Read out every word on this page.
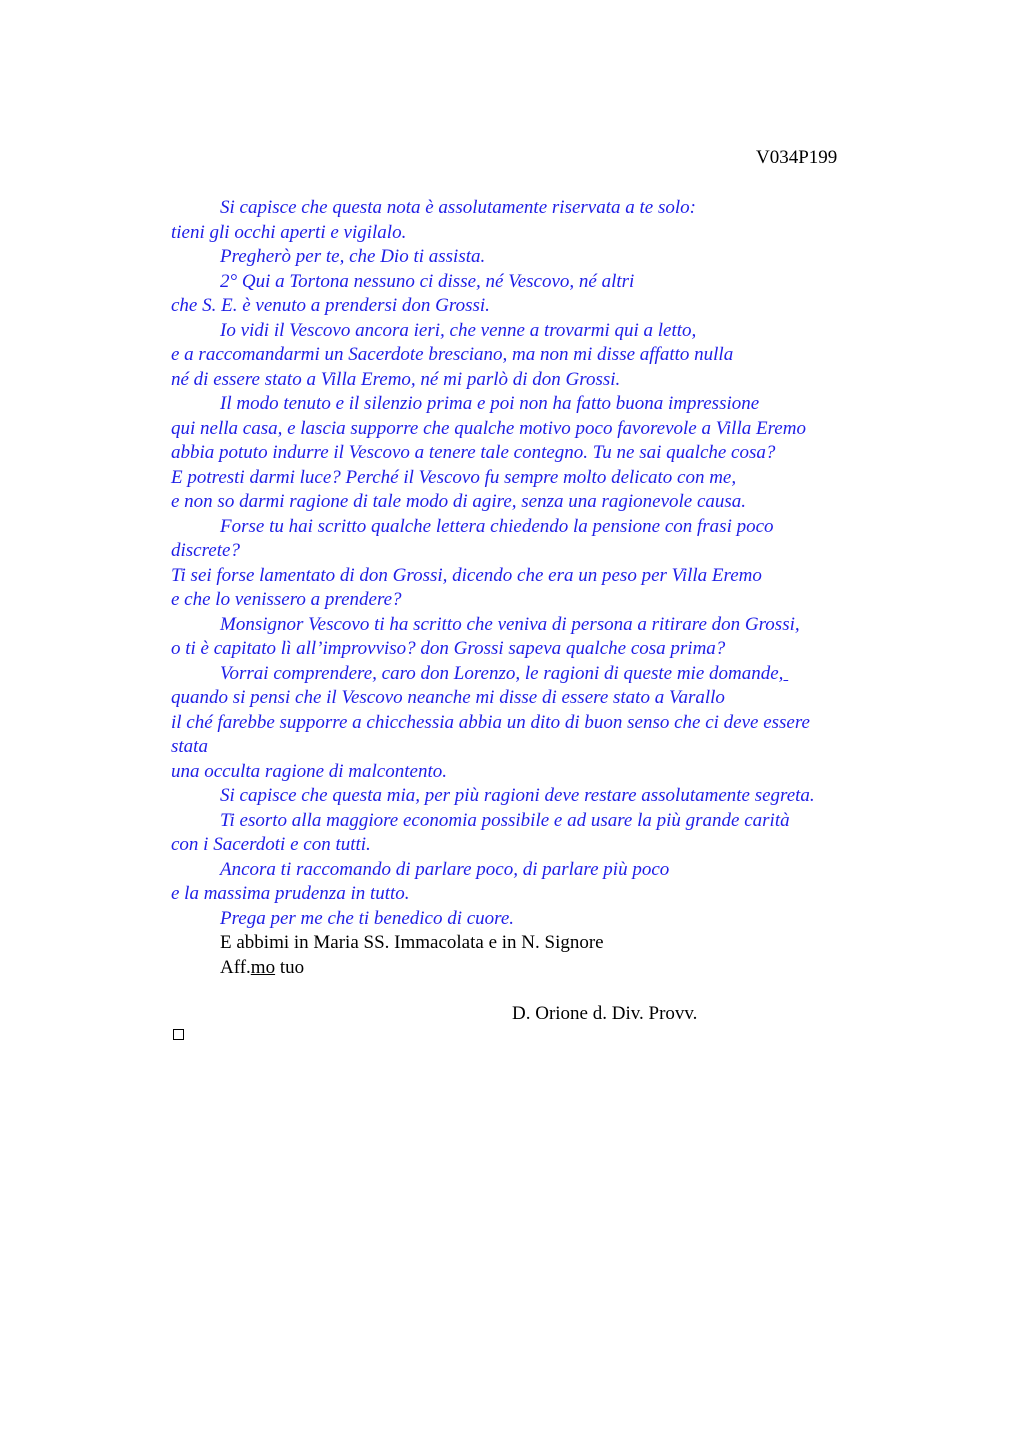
V034P199
Si capisce che questa nota è assolutamente riservata a te solo:
tieni gli occhi aperti e vigilalo.
Pregherò per te, che Dio ti assista.
2° Qui a Tortona nessuno ci disse, né Vescovo, né altri
che S. E. è venuto a prendersi don Grossi.
Io vidi il Vescovo ancora ieri, che venne a trovarmi qui a letto,
e a raccomandarmi un Sacerdote bresciano, ma non mi disse affatto nulla
né di essere stato a Villa Eremo, né mi parlò di don Grossi.
Il modo tenuto e il silenzio prima e poi non ha fatto buona impressione
qui nella casa, e lascia supporre che qualche motivo poco favorevole a Villa Eremo
abbia potuto indurre il Vescovo a tenere tale contegno. Tu ne sai qualche cosa?
E potresti darmi luce? Perché il Vescovo fu sempre molto delicato con me,
e non so darmi ragione di tale modo di agire, senza una ragionevole causa.
Forse tu hai scritto qualche lettera chiedendo la pensione con frasi poco
discrete?
Ti sei forse lamentato di don Grossi, dicendo che era un peso per Villa Eremo
e che lo venissero a prendere?
Monsignor Vescovo ti ha scritto che veniva di persona a ritirare don Grossi,
o ti è capitato lì all’improvviso? don Grossi sapeva qualche cosa prima?
Vorrai comprendere, caro don Lorenzo, le ragioni di queste mie domande,
quando si pensi che il Vescovo neanche mi disse di essere stato a Varallo
il ché farebbe supporre a chicchessia abbia un dito di buon senso che ci deve essere
stata
una occulta ragione di malcontento.
Si capisce che questa mia, per più ragioni deve restare assolutamente segreta.
Ti esorto alla maggiore economia possibile e ad usare la più grande carità
con i Sacerdoti e con tutti.
Ancora ti raccomando di parlare poco, di parlare più poco
e la massima prudenza in tutto.
Prega per me che ti benedico di cuore.
E abbimi in Maria SS. Immacolata e in N. Signore
Aff.mo tuo
D. Orione d. Div. Provv.
